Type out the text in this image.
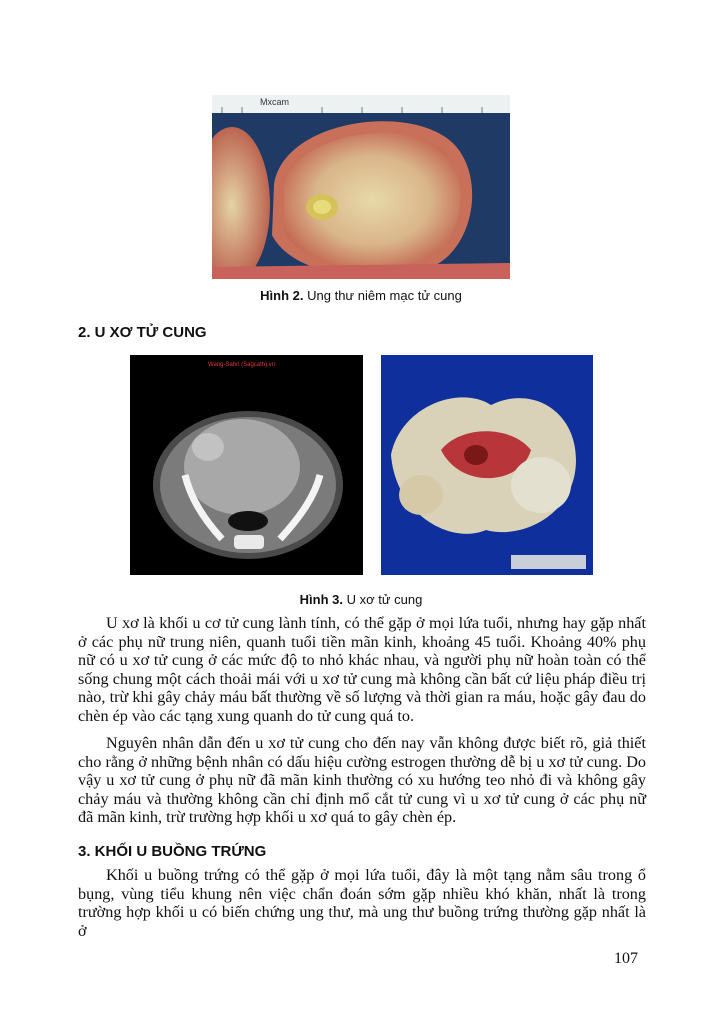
Mxcam
Hình 2. Ung thư niêm mạc tử cung
2. U XƠ TỬ CUNG
Wang-Sahn (Sagcath).vn
Hình 3. U xơ tử cung

U xơ là khối u cơ tử cung lành tính, có thể gặp ở mọi lứa tuổi, nhưng hay gặp nhất ở các phụ nữ trung niên, quanh tuổi tiền mãn kinh, khoảng 45 tuổi. Khoảng 40% phụ nữ có u xơ tử cung ở các mức độ to nhỏ khác nhau, và người phụ nữ hoàn toàn có thể sống chung một cách thoải mái với u xơ tử cung mà không cần bất cứ liệu pháp điều trị nào, trừ khi gây chảy máu bất thường về số lượng và thời gian ra máu, hoặc gây đau do chèn ép vào các tạng xung quanh do tử cung quá to.

Nguyên nhân dẫn đến u xơ tử cung cho đến nay vẫn không được biết rõ, giả thiết cho rằng ở những bệnh nhân có dấu hiệu cường estrogen thường dễ bị u xơ tử cung. Do vậy u xơ tử cung ở phụ nữ đã mãn kinh thường có xu hướng teo nhỏ đi và không gây chảy máu và thường không cần chỉ định mổ cắt tử cung vì u xơ tử cung ở các phụ nữ đã mãn kinh, trừ trường hợp khối u xơ quá to gây chèn ép.

3. KHỐI U BUỒNG TRỨNG

Khối u buồng trứng có thể gặp ở mọi lứa tuổi, đây là một tạng nằm sâu trong ổ bụng, vùng tiểu khung nên việc chẩn đoán sớm gặp nhiều khó khăn, nhất là trong trường hợp khối u có biến chứng ung thư, mà ung thư buồng trứng thường gặp nhất là ở

107
